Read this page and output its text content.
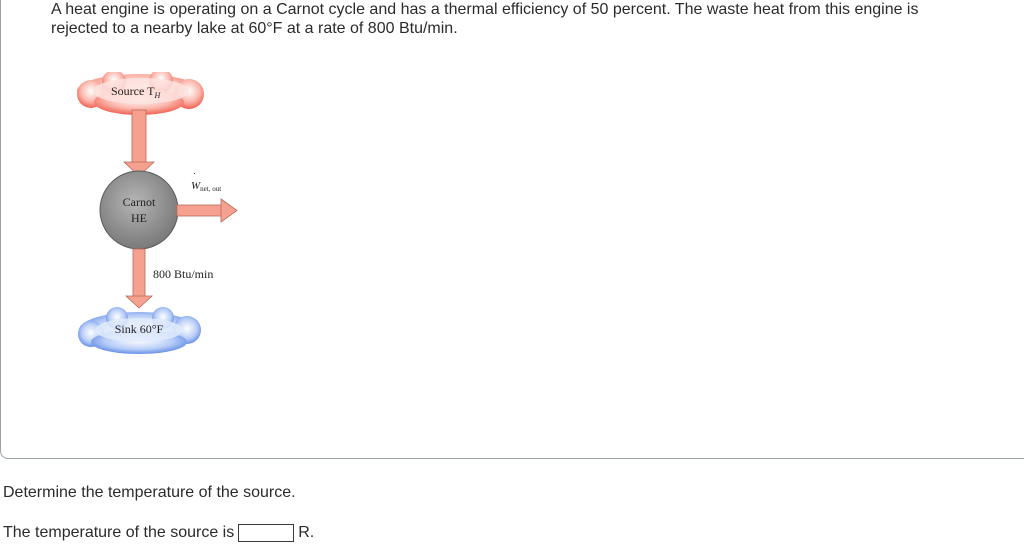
A heat engine is operating on a Carnot cycle and has a thermal efficiency of 50 percent. The waste heat from this engine is
rejected to a nearby lake at 60°F at a rate of 800 Btu/min.
Source $T_H$
Carnot
HE
Wnet, out
·
800 Btu/min
Sink 60°F
Determine the temperature of the source.
The temperature of the source is	R.
